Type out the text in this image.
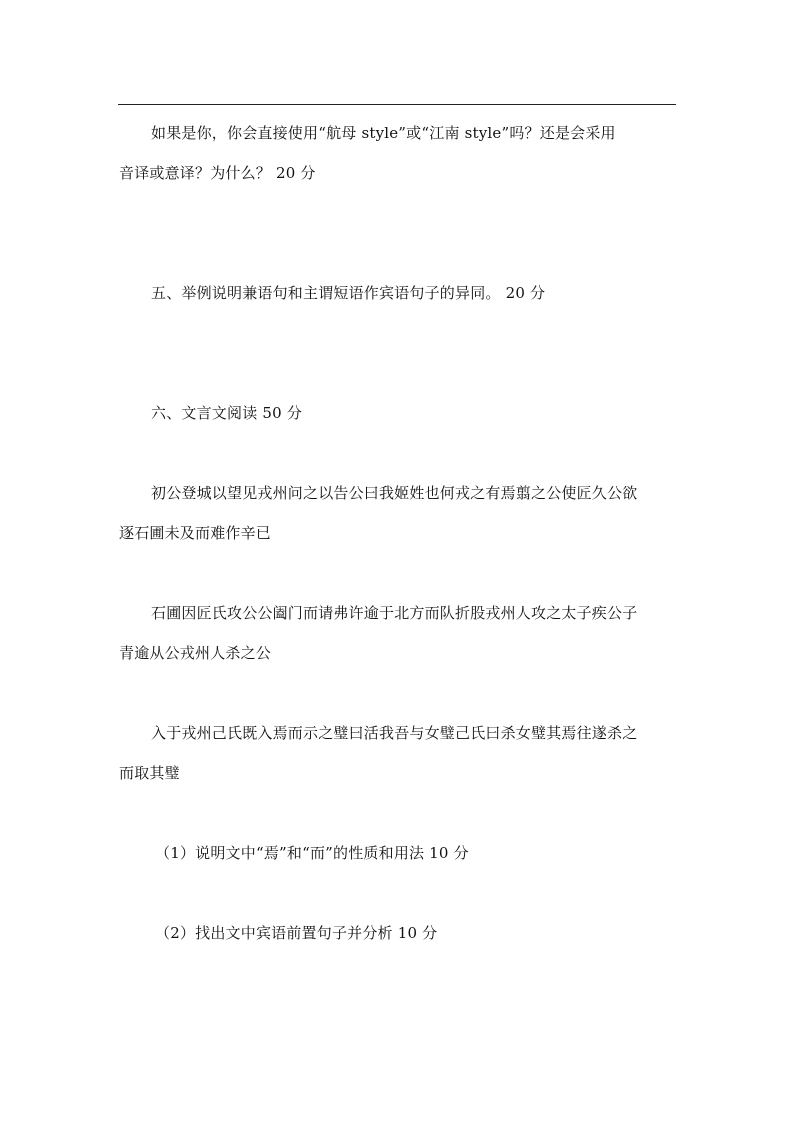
如果是你，你会直接使用“航母 style”或“江南 style”吗？还是会采用
音译或意译？为什么？ 20 分
五、举例说明兼语句和主谓短语作宾语句子的异同。 20 分
六、文言文阅读 50 分
初公登城以望见戎州问之以告公曰我姬姓也何戎之有焉翦之公使匠久公欲
逐石圃未及而难作辛已
石圃因匠氏攻公公阖门而请弗许逾于北方而队折股戎州人攻之太子疾公子
青逾从公戎州人杀之公
入于戎州己氏既入焉而示之璧曰活我吾与女璧己氏曰杀女璧其焉往遂杀之
而取其璧
（1）说明文中“焉”和“而”的性质和用法 10 分
（2）找出文中宾语前置句子并分析 10 分
